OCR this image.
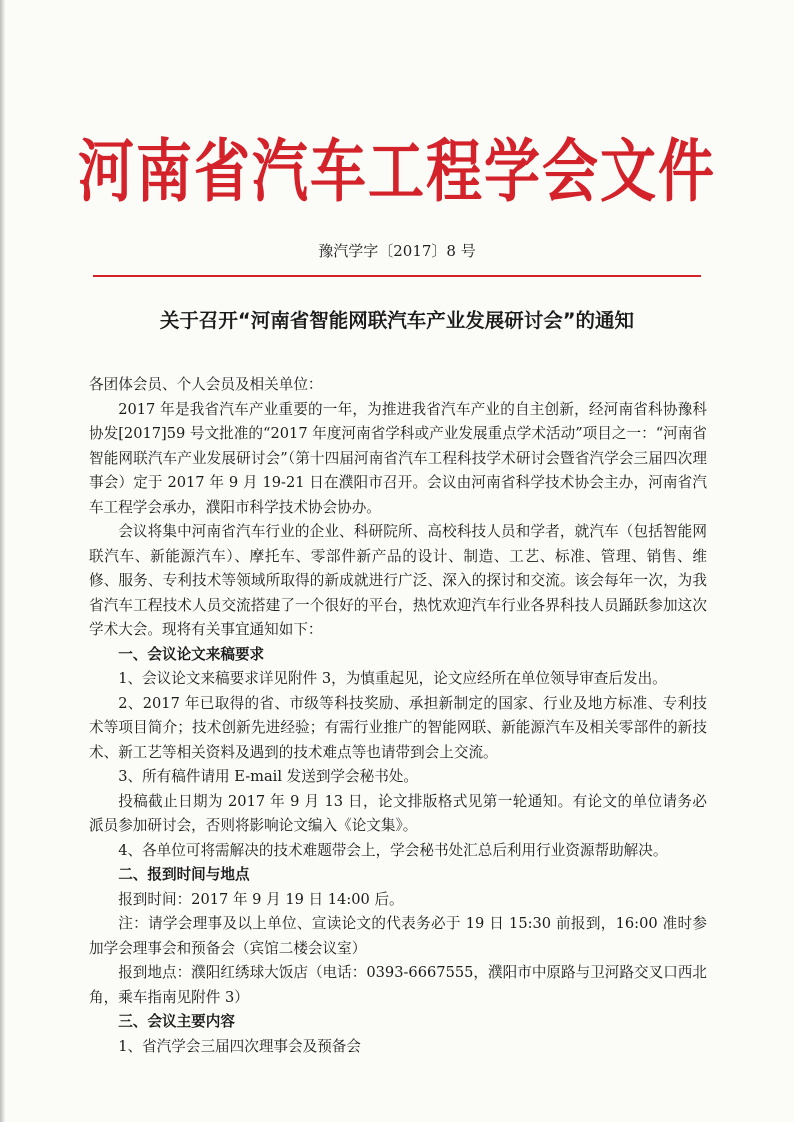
河南省汽车工程学会文件
豫汽学字〔2017〕8 号
关于召开“河南省智能网联汽车产业发展研讨会”的通知

各团体会员、个人会员及相关单位：

2017 年是我省汽车产业重要的一年，为推进我省汽车产业的自主创新，经河南省科协豫科协发[2017]59 号文批准的“2017 年度河南省学科或产业发展重点学术活动”项目之一：“河南省智能网联汽车产业发展研讨会”（第十四届河南省汽车工程科技学术研讨会暨省汽学会三届四次理事会）定于 2017 年 9 月 19-21 日在濮阳市召开。会议由河南省科学技术协会主办，河南省汽车工程学会承办，濮阳市科学技术协会协办。

会议将集中河南省汽车行业的企业、科研院所、高校科技人员和学者，就汽车（包括智能网联汽车、新能源汽车）、摩托车、零部件新产品的设计、制造、工艺、标准、管理、销售、维修、服务、专利技术等领域所取得的新成就进行广泛、深入的探讨和交流。该会每年一次，为我省汽车工程技术人员交流搭建了一个很好的平台，热忱欢迎汽车行业各界科技人员踊跃参加这次学术大会。现将有关事宜通知如下：

一、会议论文来稿要求

1、会议论文来稿要求详见附件 3，为慎重起见，论文应经所在单位领导审查后发出。

2、2017 年已取得的省、市级等科技奖励、承担新制定的国家、行业及地方标准、专利技术等项目简介；技术创新先进经验；有需行业推广的智能网联、新能源汽车及相关零部件的新技术、新工艺等相关资料及遇到的技术难点等也请带到会上交流。

3、所有稿件请用 E-mail 发送到学会秘书处。

投稿截止日期为 2017 年 9 月 13 日，论文排版格式见第一轮通知。有论文的单位请务必派员参加研讨会，否则将影响论文编入《论文集》。

4、各单位可将需解决的技术难题带会上，学会秘书处汇总后利用行业资源帮助解决。

二、报到时间与地点

报到时间：2017 年 9 月 19 日 14:00 后。

注：请学会理事及以上单位、宣读论文的代表务必于 19 日 15:30 前报到，16:00 准时参加学会理事会和预备会（宾馆二楼会议室）

报到地点：濮阳红绣球大饭店（电话：0393-6667555，濮阳市中原路与卫河路交叉口西北角，乘车指南见附件 3）

三、会议主要内容

1、省汽学会三届四次理事会及预备会
